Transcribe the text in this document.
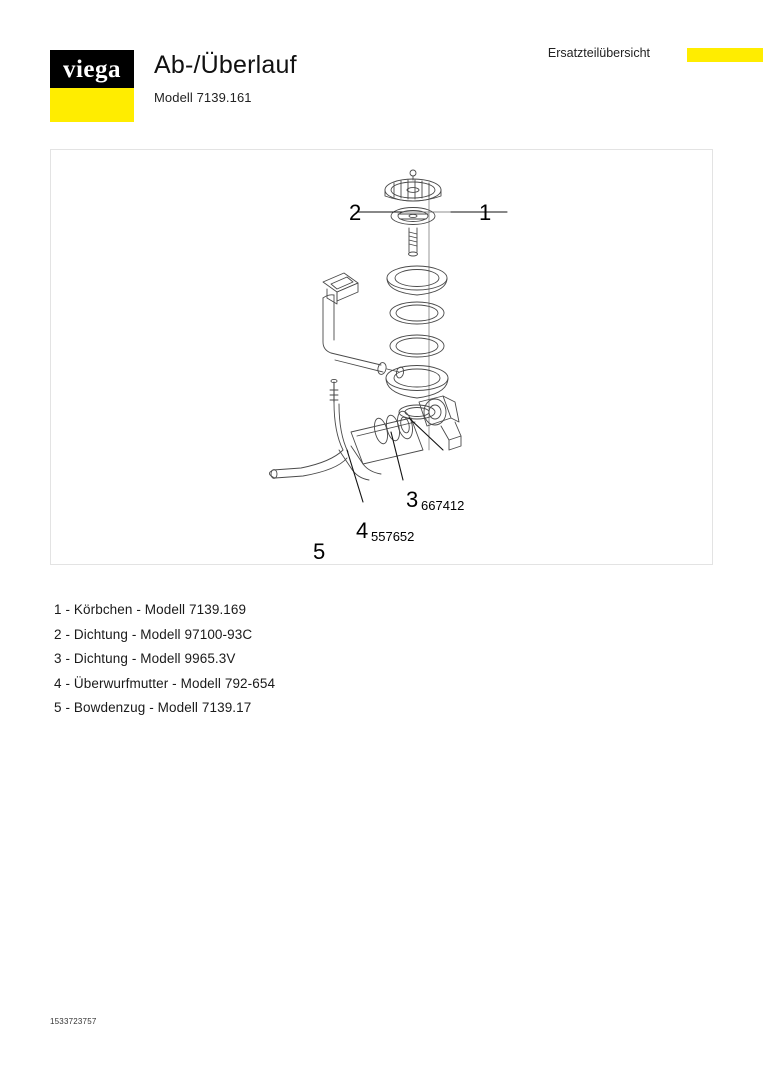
viega Ab-/Überlauf
Modell 7139.161
Ersatzteilübersicht
2	1
3 667412
4 557652
5
1 - Körbchen - Modell 7139.169
2 - Dichtung - Modell 97100-93C
3 - Dichtung - Modell 9965.3V
4 - Überwurfmutter - Modell 792-654
5 - Bowdenzug - Modell 7139.17
1533723757
